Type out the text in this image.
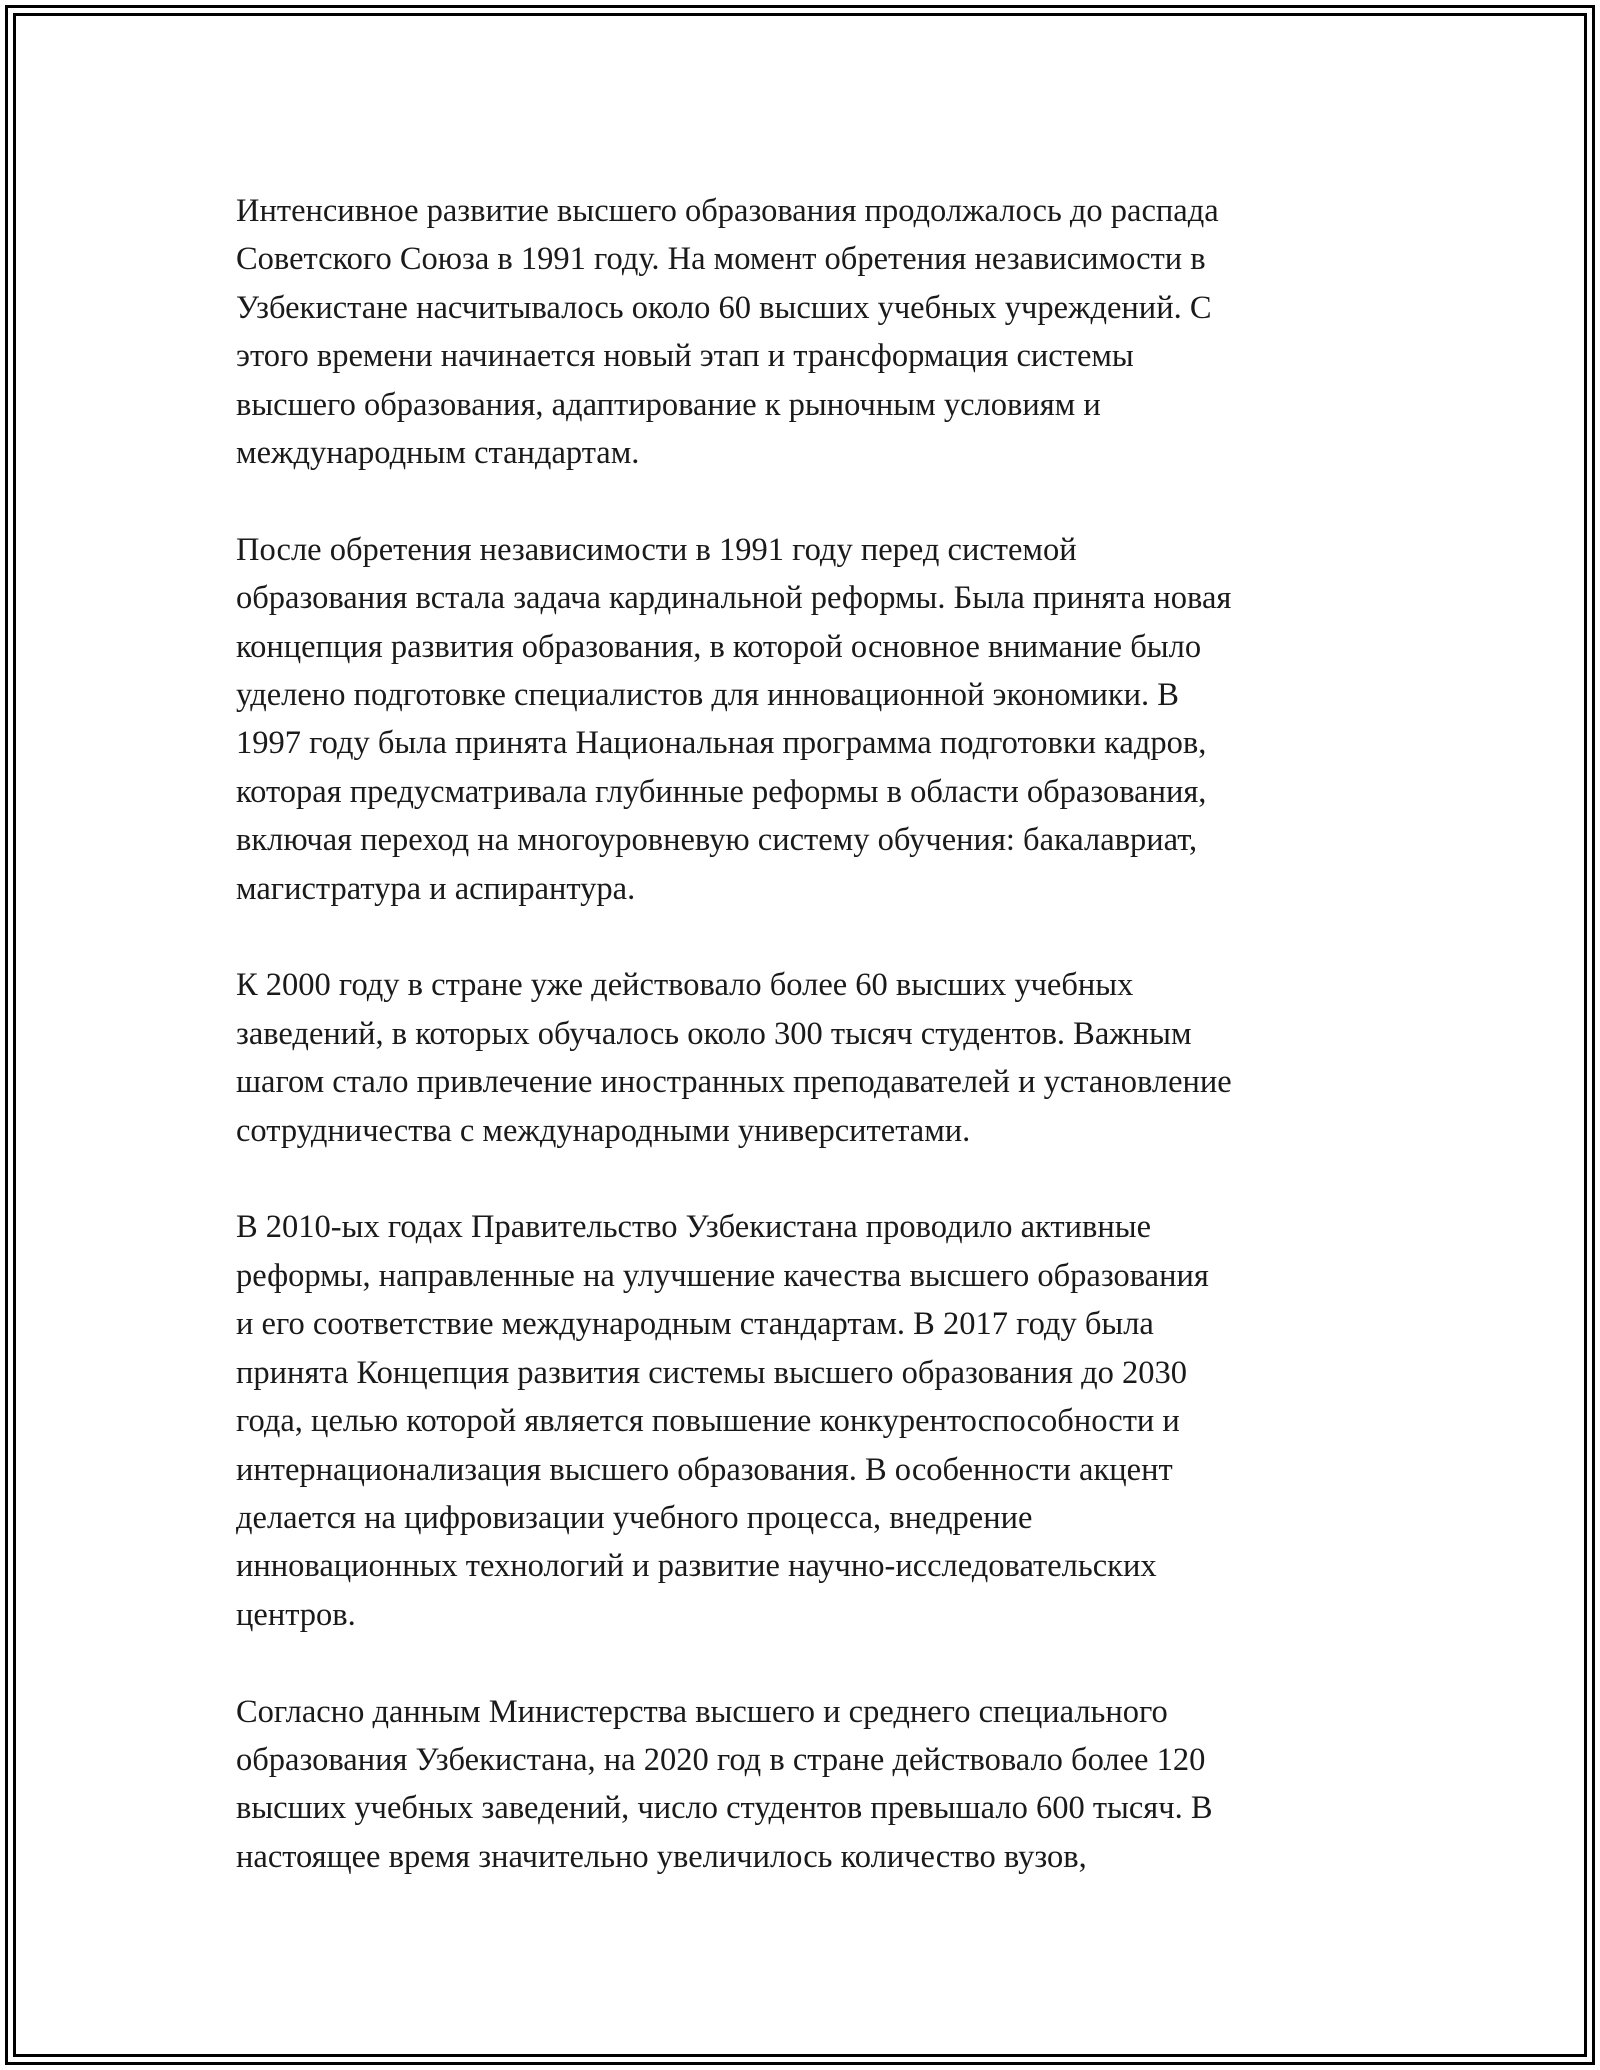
Интенсивное развитие высшего образования продолжалось до распада
Советского Союза в 1991 году. На момент обретения независимости в
Узбекистане насчитывалось около 60 высших учебных учреждений. С
этого времени начинается новый этап и трансформация системы
высшего образования, адаптирование к рыночным условиям и
международным стандартам.

После обретения независимости в 1991 году перед системой
образования встала задача кардинальной реформы. Была принята новая
концепция развития образования, в которой основное внимание было
уделено подготовке специалистов для инновационной экономики. В
1997 году была принята Национальная программа подготовки кадров,
которая предусматривала глубинные реформы в области образования,
включая переход на многоуровневую систему обучения: бакалавриат,
магистратура и аспирантура.

К 2000 году в стране уже действовало более 60 высших учебных
заведений, в которых обучалось около 300 тысяч студентов. Важным
шагом стало привлечение иностранных преподавателей и установление
сотрудничества с международными университетами.

В 2010-ых годах Правительство Узбекистана проводило активные
реформы, направленные на улучшение качества высшего образования
и его соответствие международным стандартам. В 2017 году была
принята Концепция развития системы высшего образования до 2030
года, целью которой является повышение конкурентоспособности и
интернационализация высшего образования. В особенности акцент
делается на цифровизации учебного процесса, внедрение
инновационных технологий и развитие научно-исследовательских
центров.

Согласно данным Министерства высшего и среднего специального
образования Узбекистана, на 2020 год в стране действовало более 120
высших учебных заведений, число студентов превышало 600 тысяч. В
настоящее время значительно увеличилось количество вузов,
